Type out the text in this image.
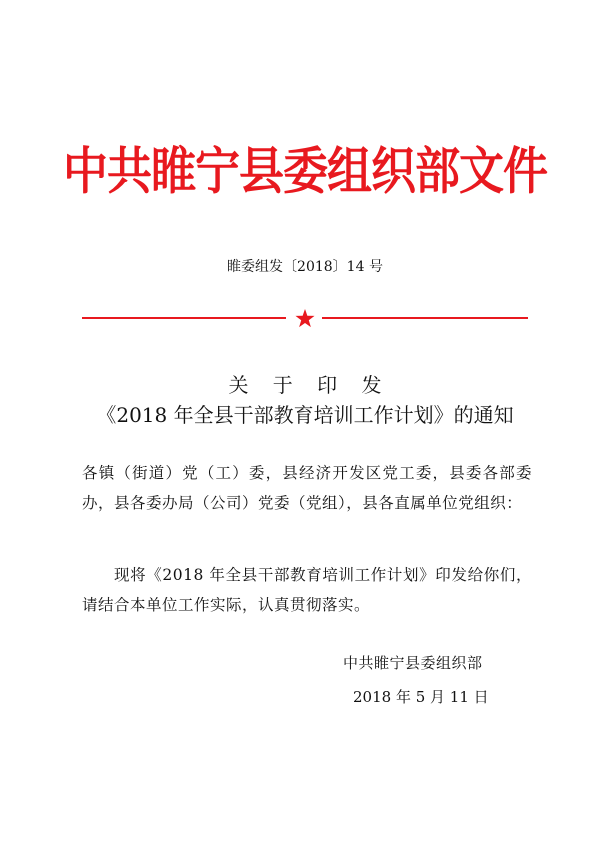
中共睢宁县委组织部文件
睢委组发〔2018〕14 号
关 于 印 发
《2018 年全县干部教育培训工作计划》的通知
各镇（街道）党（工）委，县经济开发区党工委，县委各部委办，县各委办局（公司）党委（党组），县各直属单位党组织：
现将《2018 年全县干部教育培训工作计划》印发给你们，请结合本单位工作实际，认真贯彻落实。
中共睢宁县委组织部
2018 年 5 月 11 日
